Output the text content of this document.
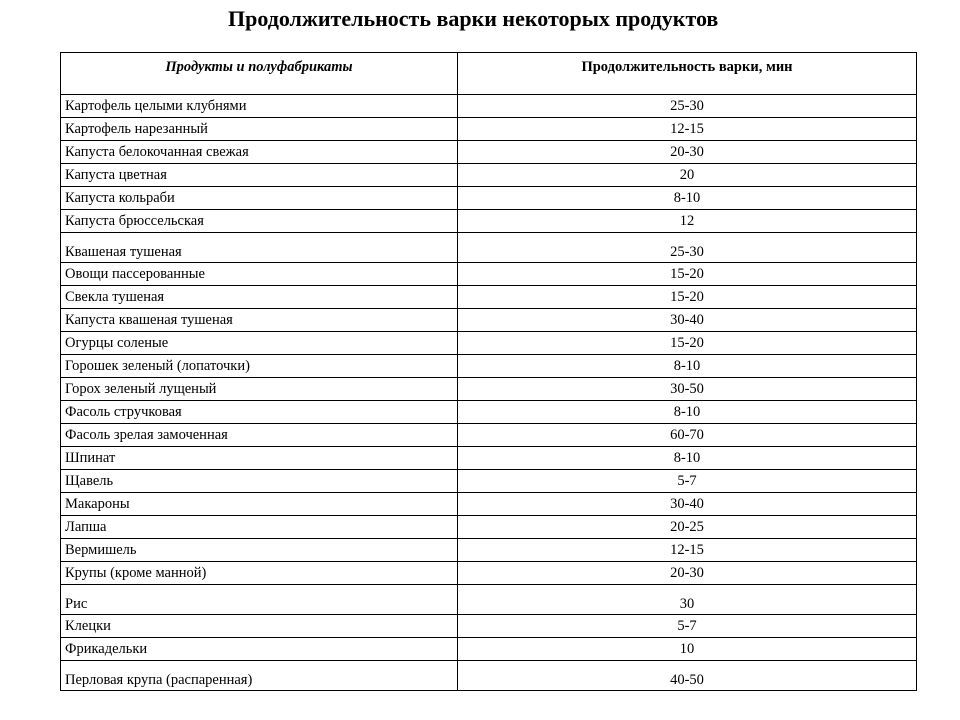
Продолжительность варки некоторых продуктов
Продукты и полуфабрикаты	Продолжительность варки, мин
Картофель целыми клубнями	25-30
Картофель нарезанный	12-15
Капуста белокочанная свежая	20-30
Капуста цветная	20
Капуста кольраби	8-10
Капуста брюссельская	12
Квашеная тушеная	25-30
Овощи пассерованные	15-20
Свекла тушеная	15-20
Капуста квашеная тушеная	30-40
Огурцы соленые	15-20
Горошек зеленый (лопаточки)	8-10
Горох зеленый лущеный	30-50
Фасоль стручковая	8-10
Фасоль зрелая замоченная	60-70
Шпинат	8-10
Щавель	5-7
Макароны	30-40
Лапша	20-25
Вермишель	12-15
Крупы (кроме манной)	20-30
Рис	30
Клецки	5-7
Фрикадельки	10
Перловая крупа (распаренная)	40-50
